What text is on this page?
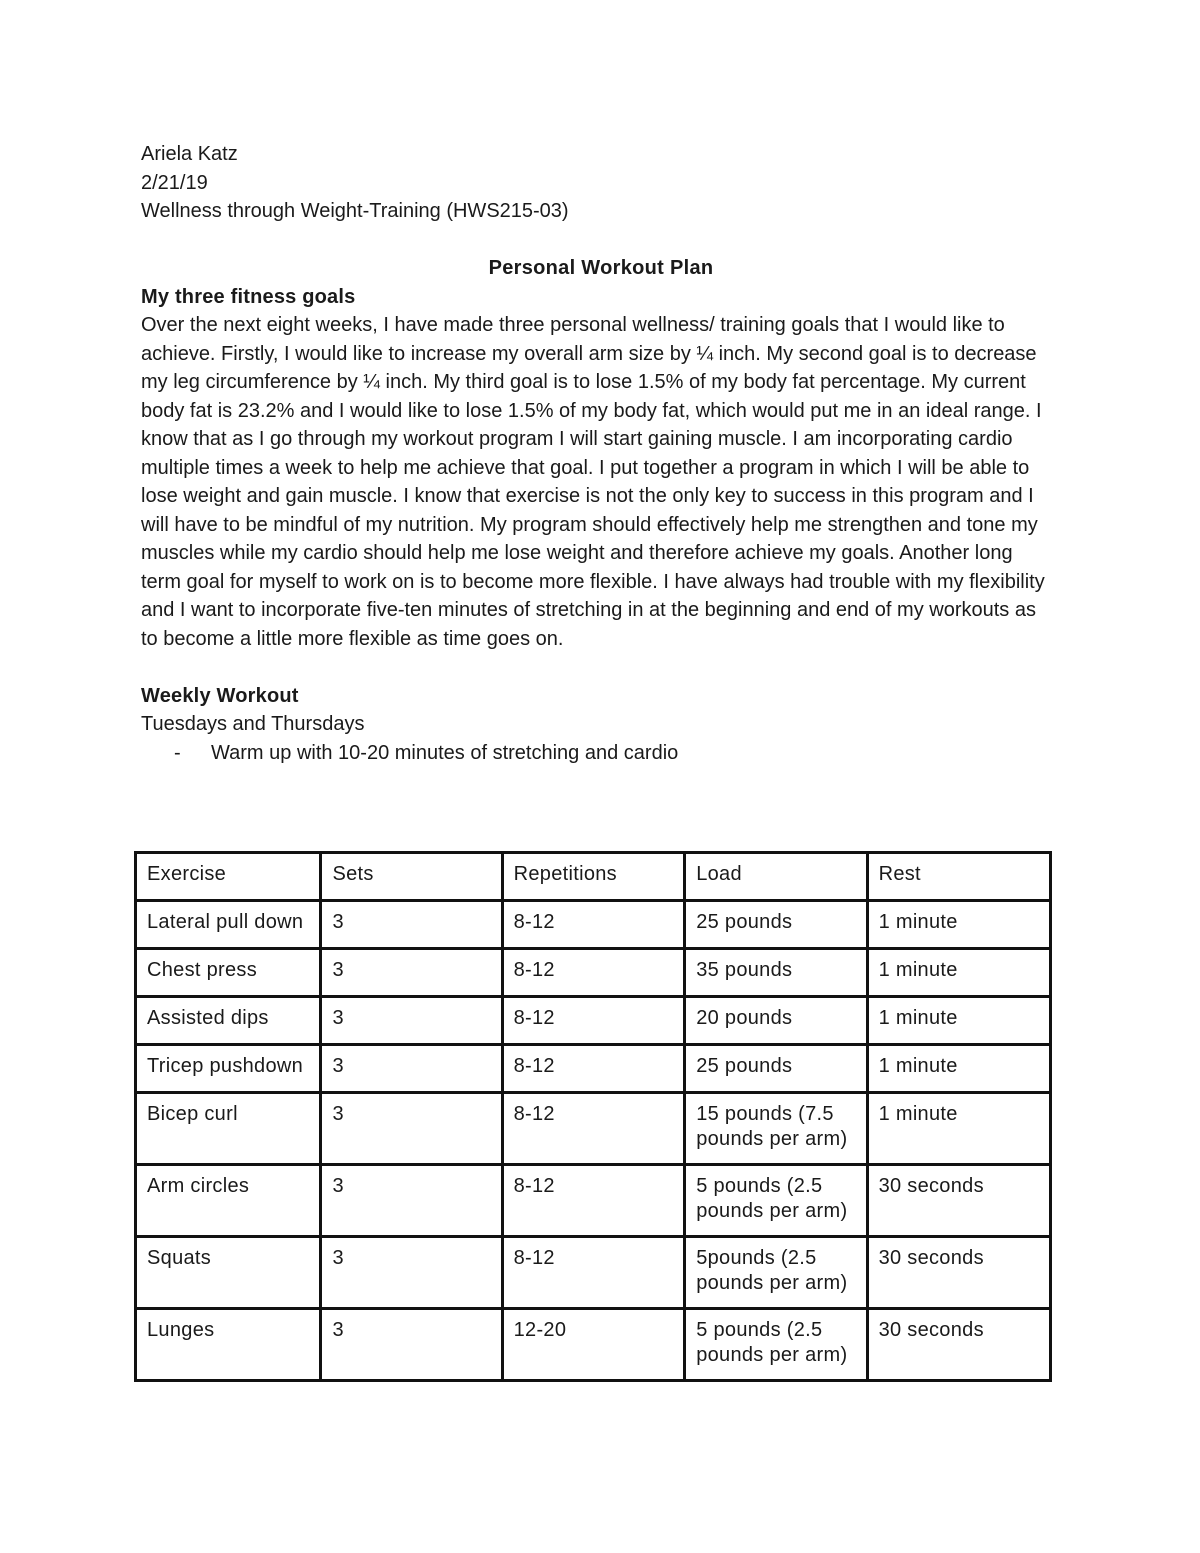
Ariela Katz
2/21/19
Wellness through Weight-Training (HWS215-03)
Personal Workout Plan
My three fitness goals
Over the next eight weeks, I have made three personal wellness/ training goals that I would like to achieve. Firstly, I would like to increase my overall arm size by ¼ inch. My second goal is to decrease my leg circumference by ¼ inch. My third goal is to lose 1.5% of my body fat percentage. My current body fat is 23.2% and I would like to lose 1.5% of my body fat, which would put me in an ideal range. I know that as I go through my workout program I will start gaining muscle. I am incorporating cardio multiple times a week to help me achieve that goal. I put together a program in which I will be able to lose weight and gain muscle. I know that exercise is not the only key to success in this program and I will have to be mindful of my nutrition. My program should effectively help me strengthen and tone my muscles while my cardio should help me lose weight and therefore achieve my goals. Another long term goal for myself to work on is to become more flexible. I have always had trouble with my flexibility and I want to incorporate five-ten minutes of stretching in at the beginning and end of my workouts as to become a little more flexible as time goes on.
Weekly Workout
Tuesdays and Thursdays
-	Warm up with 10-20 minutes of stretching and cardio
Exercise	Sets	Repetitions	Load	Rest
Lateral pull down	3	8-12	25 pounds	1 minute
Chest press	3	8-12	35 pounds	1 minute
Assisted dips	3	8-12	20 pounds	1 minute
Tricep pushdown	3	8-12	25 pounds	1 minute
Bicep curl	3	8-12	15 pounds (7.5 pounds per arm)	1 minute
Arm circles	3	8-12	5 pounds (2.5 pounds per arm)	30 seconds
Squats	3	8-12	5pounds (2.5 pounds per arm)	30 seconds
Lunges	3	12-20	5 pounds (2.5 pounds per arm)	30 seconds
